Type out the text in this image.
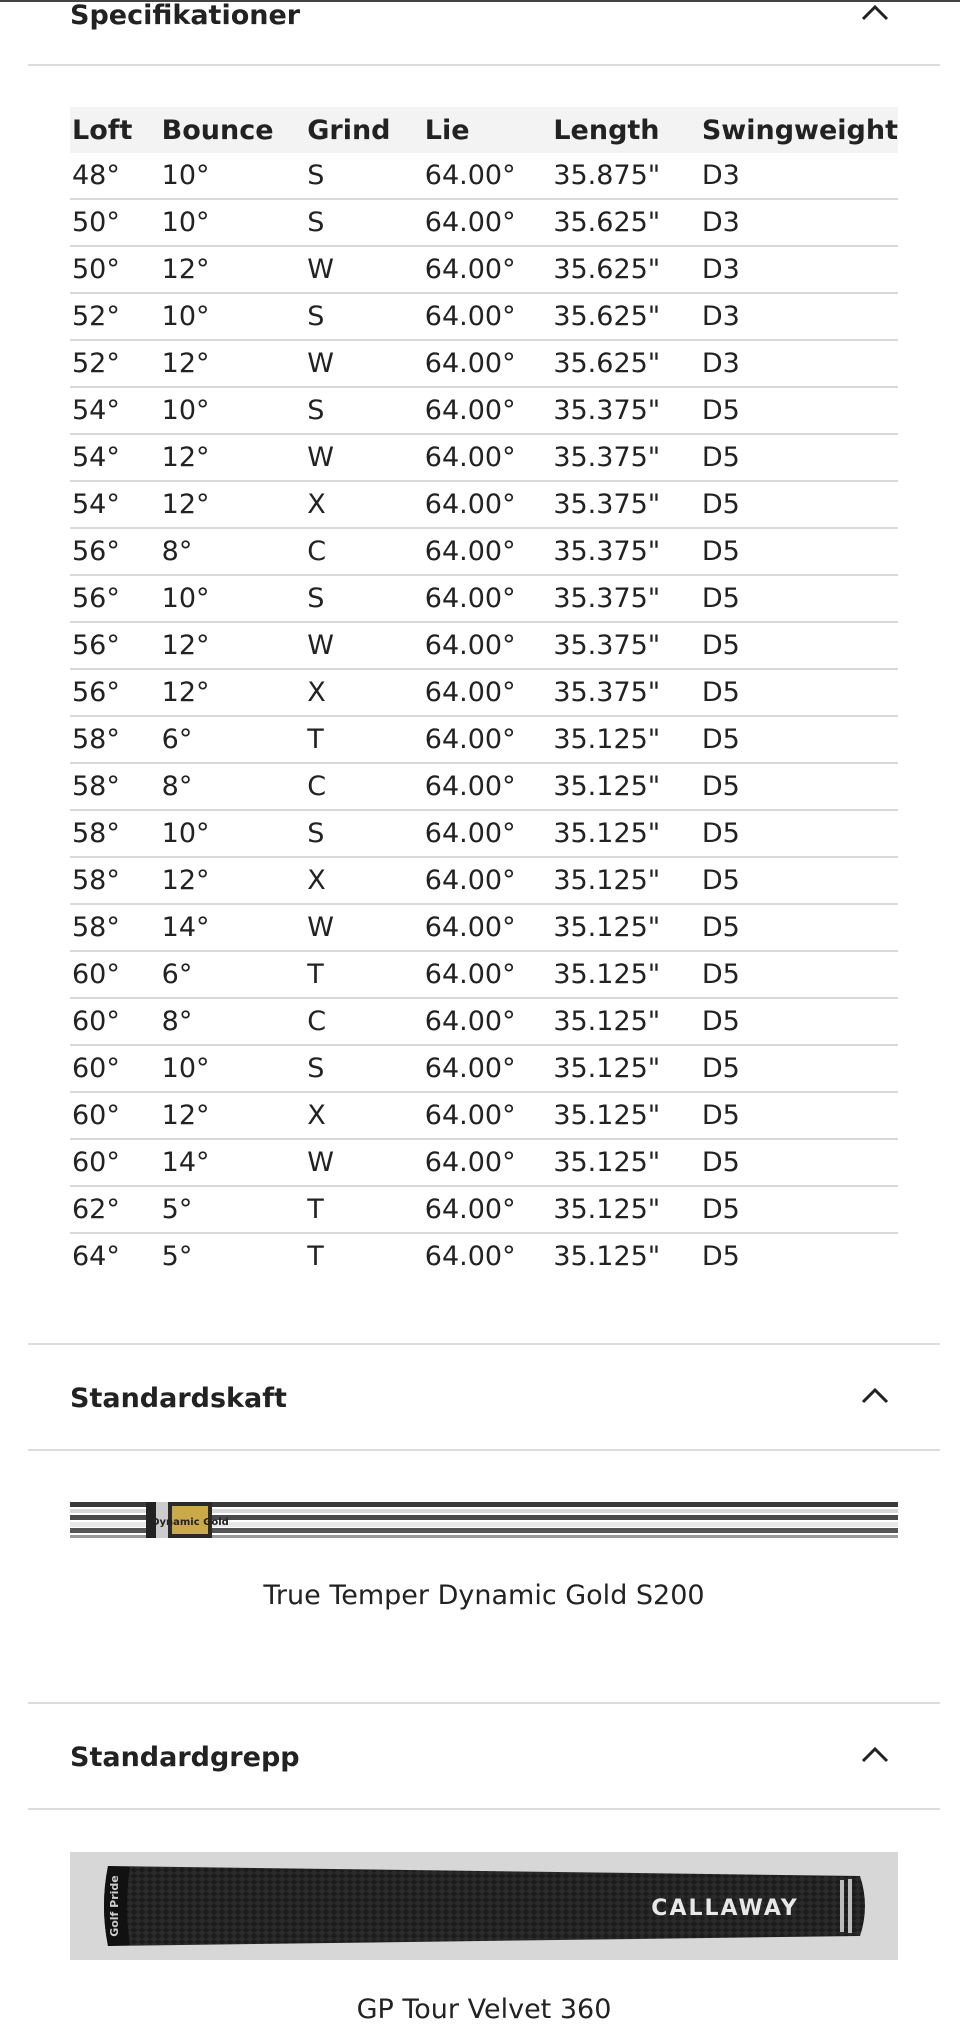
Specifikationer
Loft	Bounce	Grind	Lie	Length	Swingweight
48°	10°	S	64.00°	35.875"	D3
50°	10°	S	64.00°	35.625"	D3
50°	12°	W	64.00°	35.625"	D3
52°	10°	S	64.00°	35.625"	D3
52°	12°	W	64.00°	35.625"	D3
54°	10°	S	64.00°	35.375"	D5
54°	12°	W	64.00°	35.375"	D5
54°	12°	X	64.00°	35.375"	D5
56°	8°	C	64.00°	35.375"	D5
56°	10°	S	64.00°	35.375"	D5
56°	12°	W	64.00°	35.375"	D5
56°	12°	X	64.00°	35.375"	D5
58°	6°	T	64.00°	35.125"	D5
58°	8°	C	64.00°	35.125"	D5
58°	10°	S	64.00°	35.125"	D5
58°	12°	X	64.00°	35.125"	D5
58°	14°	W	64.00°	35.125"	D5
60°	6°	T	64.00°	35.125"	D5
60°	8°	C	64.00°	35.125"	D5
60°	10°	S	64.00°	35.125"	D5
60°	12°	X	64.00°	35.125"	D5
60°	14°	W	64.00°	35.125"	D5
62°	5°	T	64.00°	35.125"	D5
64°	5°	T	64.00°	35.125"	D5
Standardskaft
Dynamic Gold
True Temper Dynamic Gold S200
Standardgrepp
Golf Pride	CALLAWAY
GP Tour Velvet 360
